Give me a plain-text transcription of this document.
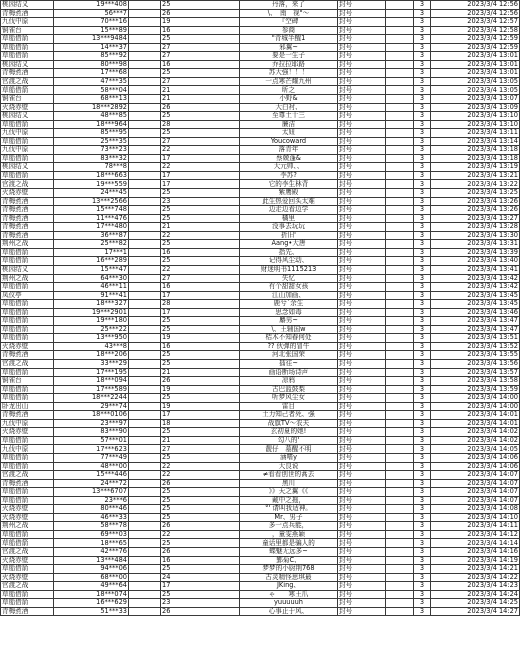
桃园结义	19***408		25	丹落，来了	封号		3	2023/3/4 12:56
青梅煮酒	56***7		26	\、　南　视"～	封号		3	2023/3/4 12:56
九伐中原	70***16		19	『空碑	封号		3	2023/3/4 12:57
铜雀台	15***89		16	参商	封号		3	2023/3/4 12:58
草船借箭	13***9484		25	"青城半醒1	封号		3	2023/3/4 12:59
草船借箭	14***37		27	邪翼~	封号		3	2023/3/4 12:59
草船借箭	85***92		27	要是一生子	封号		3	2023/3/4 13:01
桃园结义	80***98		16	乔拉拉耶路	封号		3	2023/3/4 13:01
青梅煮酒	17***68		25	苏大强！！！	封号		3	2023/3/4 13:01
官渡之战	47***35		27	一点寒芒耀九州	封号		3	2023/3/4 13:05
草船借箭	58***04		21	昕之	封号		3	2023/3/4 13:05
铜雀台	68***13		21	小野&	封号		3	2023/3/4 13:07
火烧赤壁	18***2892		26	大白衬、	封号		3	2023/3/4 13:09
桃园结义	48***85		25	至尊土十三	封号		3	2023/3/4 13:10
草船借箭	18***964		28	廉洁	封号		3	2023/3/4 13:10
九伐中原	85***95		25	太妞	封号		3	2023/3/4 13:11
草船借箭	25***35		27	Youcoward	封号		3	2023/3/4 13:14
九伐中原	73***23		22	落青年	封号		3	2023/3/4 13:18
草船借箭	83***32		17	蔡兢蓬&	封号		3	2023/3/4 13:18
桃园结义	78***8		22	大元帅、、	封号		3	2023/3/4 13:19
草船借箭	18***663		17	李苏?	封号		3	2023/3/4 13:21
官渡之战	19***559		17	它的李生林背	封号		3	2023/3/4 13:22
火烧赤壁	24***45		25	紫鹰殿	封号		3	2023/3/4 13:25
青梅煮酒	13***2566		23	此生热爱回头太难	封号		3	2023/3/4 13:26
青梅煮酒	15***748		25	边走边看边学	封号		3	2023/3/4 13:26
青梅煮酒	11***476		25	橘里	封号		3	2023/3/4 13:27
青梅煮酒	17***480		21	没事去玩玩	封号		3	2023/3/4 13:28
青梅煮酒	36***87		22	折旧'	封号		3	2023/3/4 13:30
荆州之战	25***82		25	Aang•大唐	封号		3	2023/3/4 13:31
草船借箭	17***1		16	指先、	封号		3	2023/3/4 13:39
草船借箭	16***289		25	记得风尘动、	封号		3	2023/3/4 13:40
桃园结义	15***47		22	财迷明书1115213	封号		3	2023/3/4 13:41
荆州之战	64***30		27	失忆	封号		3	2023/3/4 13:42
草船借箭	46***11		16	有个甜甜女孩	封号		3	2023/3/4 13:42
凤仪亭	91***41		17	江山加画、	封号		3	2023/3/4 13:45
草船借箭	18***327		28	鹿兮ˇ余生	封号		3	2023/3/4 13:45
草船借箭	19***2901		17	思念如毒	封号		3	2023/3/4 13:46
草船借箭	19***180		25	麝男~	封号		3	2023/3/4 13:47
草船借箭	25***22		25	\、王辅国w	封号		3	2023/3/4 13:47
草船借箭	13***950		19	桔木不知春何处	封号		3	2023/3/4 13:51
火烧赤壁	43***8		16	?? 伙弹的冒牛	封号		3	2023/3/4 13:52
青梅煮酒	18***206		25	河北张国荣	封号		3	2023/3/4 13:55
官渡之战	33***29		25	擂往~	封号		3	2023/3/4 13:56
草船借箭	17***195		21	画语断场诗声	封号		3	2023/3/4 13:57
铜雀台	18***094		26	凉鸦	封号		3	2023/3/4 13:58
草船借箭	17***589		19	古巴篮鼓梨	封号		3	2023/3/4 13:59
草船借箭	18***2244		25	听梦风尘女	封号		3	2023/3/4 14:00
卧龙出山	29***74		19	雷目	封号		3	2023/3/4 14:00
青梅煮酒	18***0106		17	土力知己者死、强	封号		3	2023/3/4 14:01
九伐中原	23***97		18	战旗TV～农夫	封号		3	2023/3/4 14:01
火烧赤壁	83***90		25	玄初夏的她!	封号		3	2023/3/4 14:02
草船借箭	57***01		21	勾八的'	封号		3	2023/3/4 14:02
九伐中原	17***623		27	靓仔　墓醒不明	封号		3	2023/3/4 14:05
草船借箭	77***49		25	涵嗜y	封号		3	2023/3/4 14:06
草船借箭	48***00		22	大良说	封号		3	2023/3/4 14:06
官渡之战	15***446		22	≠看看创世的蒿去	封号		3	2023/3/4 14:07
青梅煮酒	24***72		26	黑川	封号		3	2023/3/4 14:07
草船借箭	13***6707		25	》》天之翼《《	封号		3	2023/3/4 14:07
草船借箭	23***6		25	戴中之拖，	封号		3	2023/3/4 14:07
火烧赤壁	80***46		25	°' 请叫我适神。	封号		3	2023/3/4 14:08
火烧赤壁	46***33		25	Mr、男子	封号		3	2023/3/4 14:10
荆州之战	58***78		26	多一点兵能，	封号		3	2023/3/4 14:11
草船借箭	69***03		22	，童雯燕颖	封号		3	2023/3/4 14:12
草船借箭	18***65		25	童话里都是骗人的	封号		3	2023/3/4 14:14
官渡之战	42***76		26	蝶魅无远多~	封号		3	2023/3/4 14:16
火烧赤壁	13***484		16	鄞菊C、	封号		3	2023/3/4 14:19
草船借箭	94***06		25	梦梦的小厨荆768	封号		3	2023/3/4 14:21
火烧赤壁	68***00		24	古灵精怪思琪最	封号		3	2023/3/4 14:22
官渡之战	49***64		17	JKing、	封号		3	2023/3/4 14:23
草船借箭	18***074		25	ゃ　　寒王爪	封号		3	2023/3/4 14:24
草船借箭	16***629		23	yuuuuuh	封号		3	2023/3/4 14:25
青梅煮酒	51***33		26	心事止于风、	封号		3	2023/3/4 14:27
